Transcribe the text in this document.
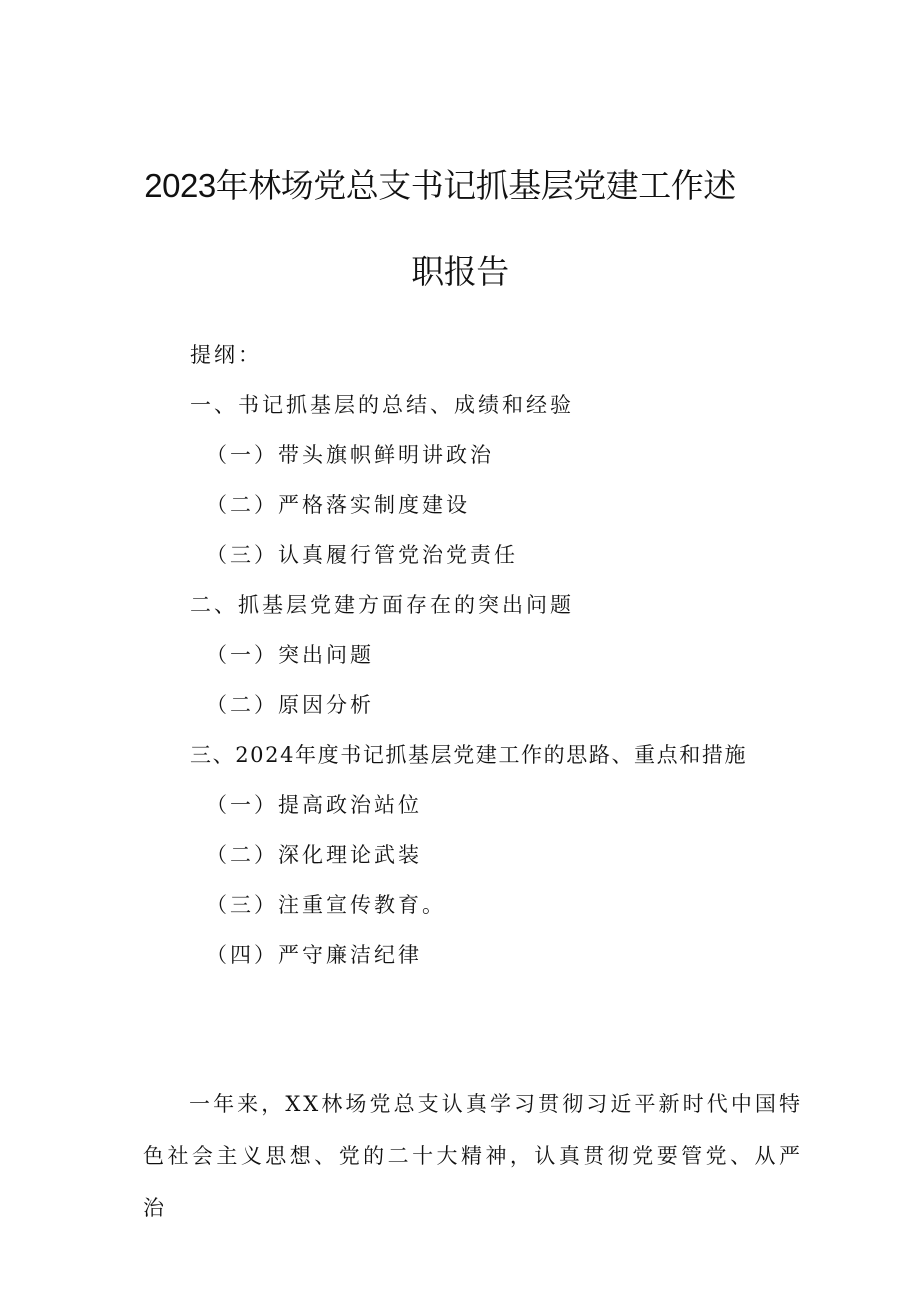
2023年林场党总支书记抓基层党建工作述
职报告
提纲：
一、书记抓基层的总结、成绩和经验
（一）带头旗帜鲜明讲政治
（二）严格落实制度建设
（三）认真履行管党治党责任
二、抓基层党建方面存在的突出问题
（一）突出问题
（二）原因分析
三、2024年度书记抓基层党建工作的思路、重点和措施
（一）提高政治站位
（二）深化理论武装
（三）注重宣传教育。
（四）严守廉洁纪律
一年来，XX林场党总支认真学习贯彻习近平新时代中国特色社会主义思想、党的二十大精神，认真贯彻党要管党、从严治
